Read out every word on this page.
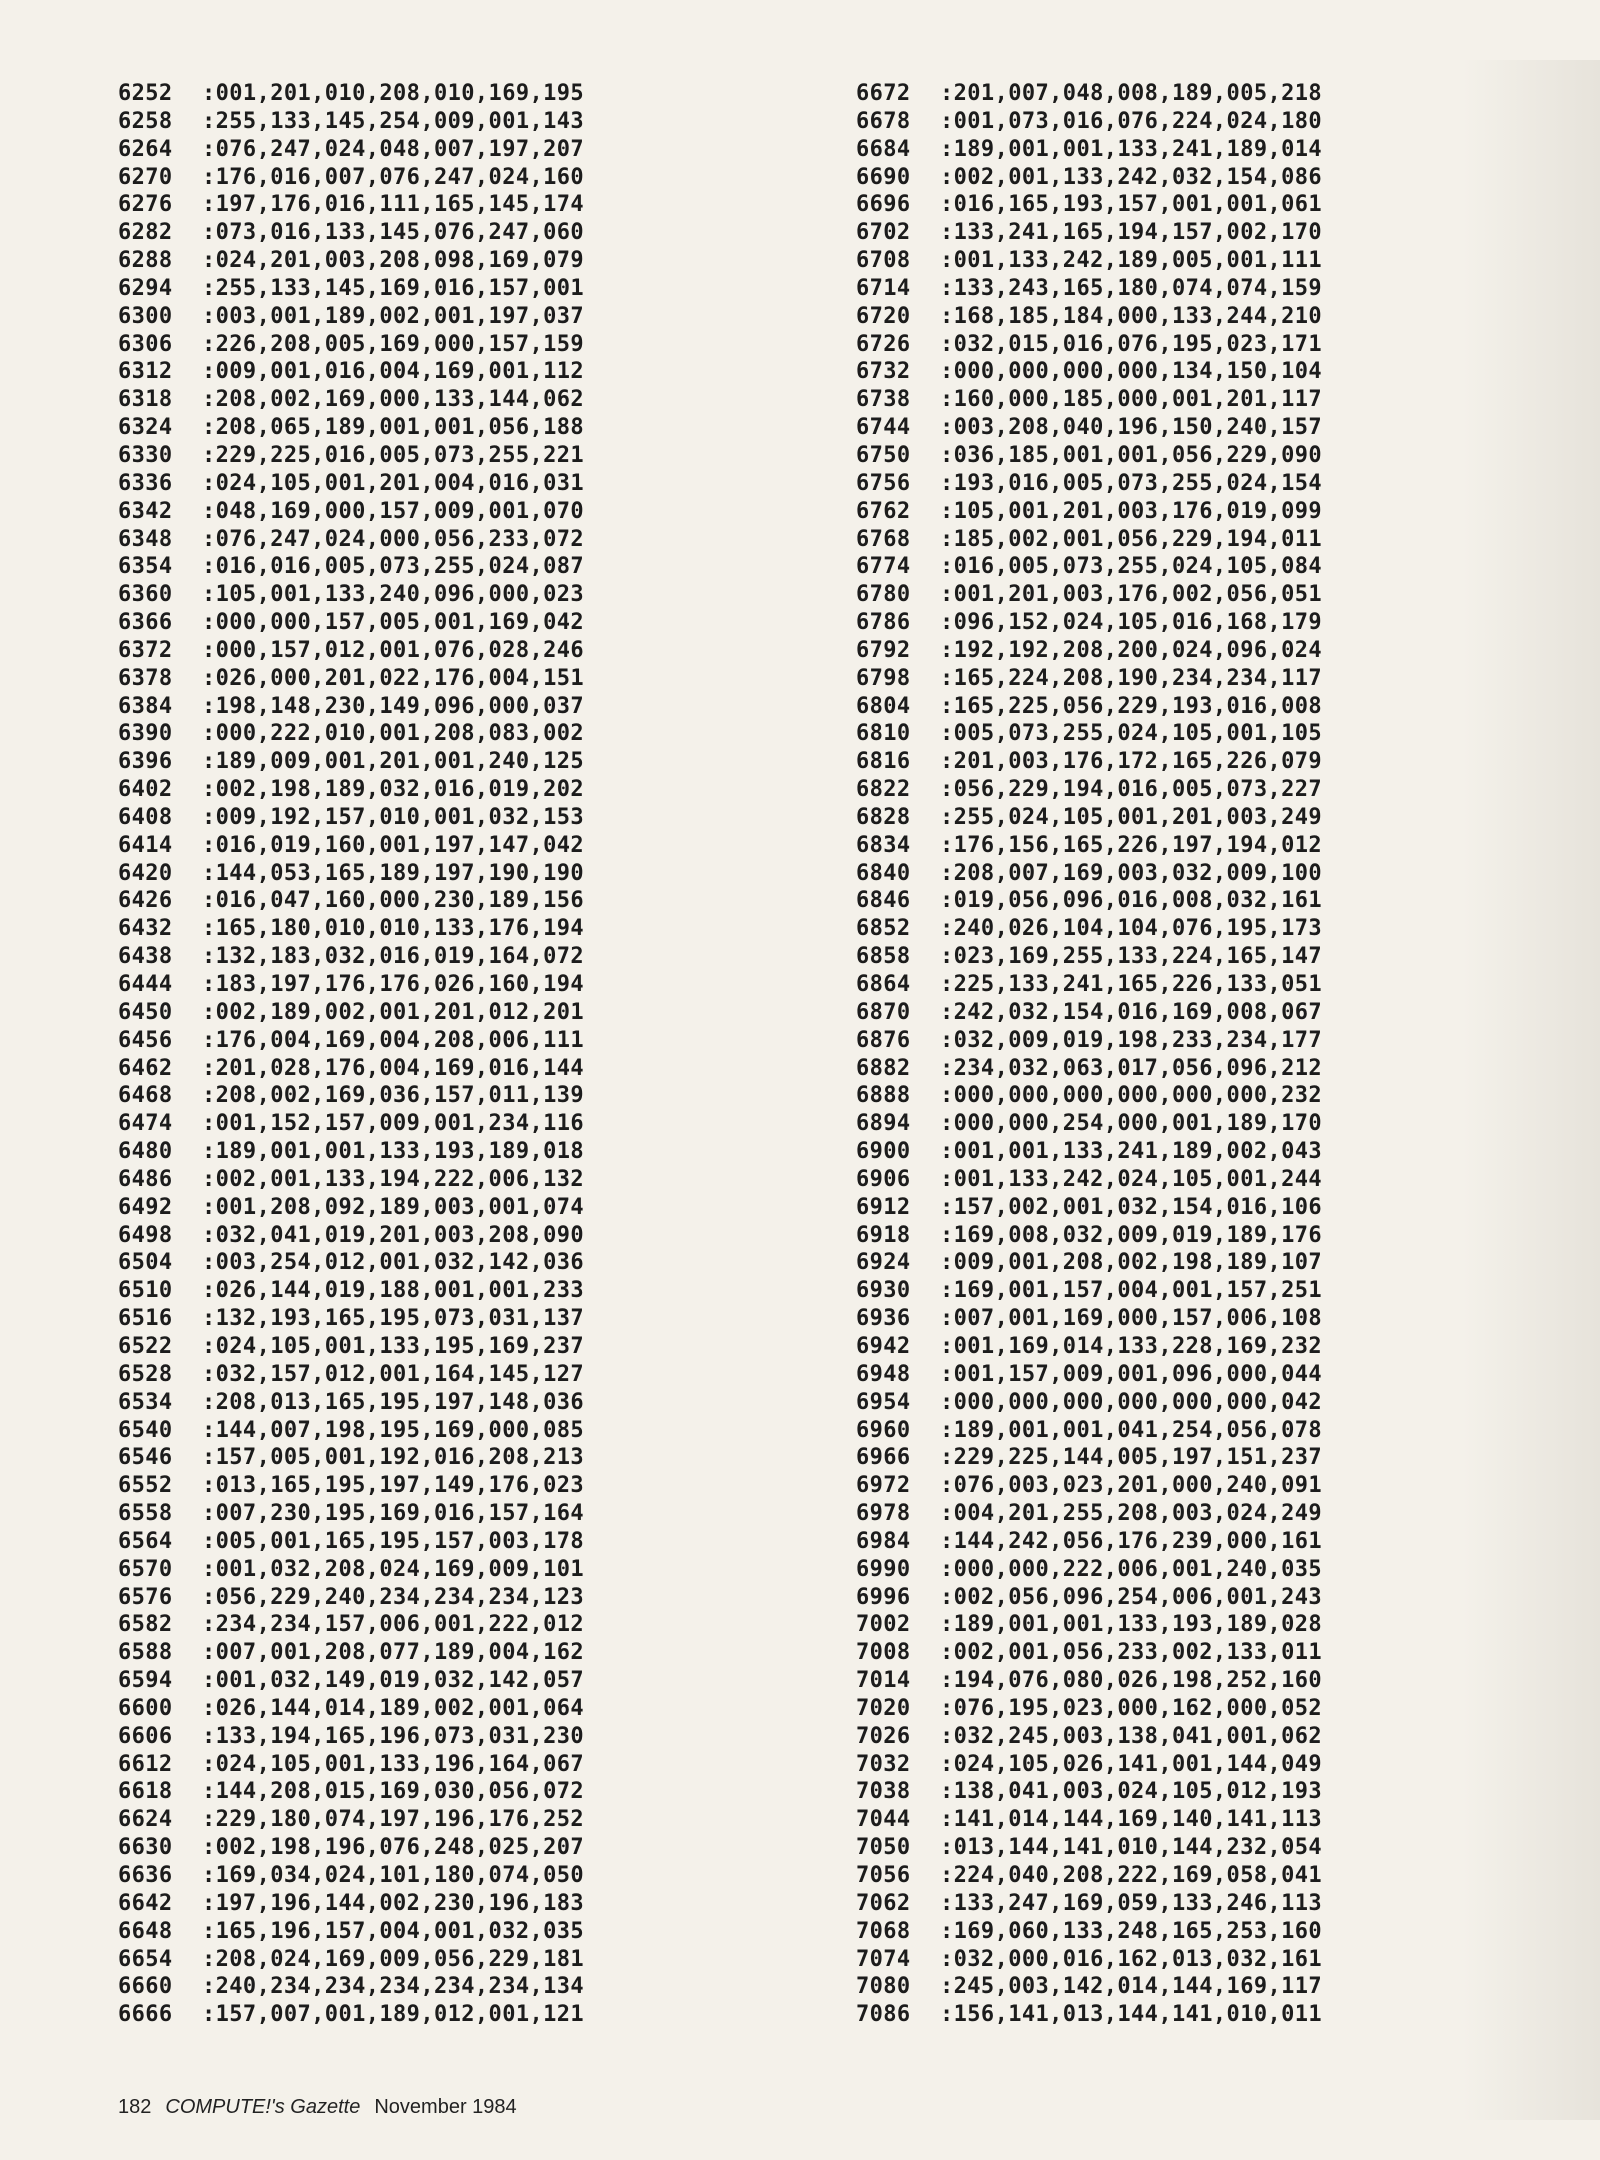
6252	:001,201,010,208,010,169,195
6258	:255,133,145,254,009,001,143
6264	:076,247,024,048,007,197,207
6270	:176,016,007,076,247,024,160
6276	:197,176,016,111,165,145,174
6282	:073,016,133,145,076,247,060
6288	:024,201,003,208,098,169,079
6294	:255,133,145,169,016,157,001
6300	:003,001,189,002,001,197,037
6306	:226,208,005,169,000,157,159
6312	:009,001,016,004,169,001,112
6318	:208,002,169,000,133,144,062
6324	:208,065,189,001,001,056,188
6330	:229,225,016,005,073,255,221
6336	:024,105,001,201,004,016,031
6342	:048,169,000,157,009,001,070
6348	:076,247,024,000,056,233,072
6354	:016,016,005,073,255,024,087
6360	:105,001,133,240,096,000,023
6366	:000,000,157,005,001,169,042
6372	:000,157,012,001,076,028,246
6378	:026,000,201,022,176,004,151
6384	:198,148,230,149,096,000,037
6390	:000,222,010,001,208,083,002
6396	:189,009,001,201,001,240,125
6402	:002,198,189,032,016,019,202
6408	:009,192,157,010,001,032,153
6414	:016,019,160,001,197,147,042
6420	:144,053,165,189,197,190,190
6426	:016,047,160,000,230,189,156
6432	:165,180,010,010,133,176,194
6438	:132,183,032,016,019,164,072
6444	:183,197,176,176,026,160,194
6450	:002,189,002,001,201,012,201
6456	:176,004,169,004,208,006,111
6462	:201,028,176,004,169,016,144
6468	:208,002,169,036,157,011,139
6474	:001,152,157,009,001,234,116
6480	:189,001,001,133,193,189,018
6486	:002,001,133,194,222,006,132
6492	:001,208,092,189,003,001,074
6498	:032,041,019,201,003,208,090
6504	:003,254,012,001,032,142,036
6510	:026,144,019,188,001,001,233
6516	:132,193,165,195,073,031,137
6522	:024,105,001,133,195,169,237
6528	:032,157,012,001,164,145,127
6534	:208,013,165,195,197,148,036
6540	:144,007,198,195,169,000,085
6546	:157,005,001,192,016,208,213
6552	:013,165,195,197,149,176,023
6558	:007,230,195,169,016,157,164
6564	:005,001,165,195,157,003,178
6570	:001,032,208,024,169,009,101
6576	:056,229,240,234,234,234,123
6582	:234,234,157,006,001,222,012
6588	:007,001,208,077,189,004,162
6594	:001,032,149,019,032,142,057
6600	:026,144,014,189,002,001,064
6606	:133,194,165,196,073,031,230
6612	:024,105,001,133,196,164,067
6618	:144,208,015,169,030,056,072
6624	:229,180,074,197,196,176,252
6630	:002,198,196,076,248,025,207
6636	:169,034,024,101,180,074,050
6642	:197,196,144,002,230,196,183
6648	:165,196,157,004,001,032,035
6654	:208,024,169,009,056,229,181
6660	:240,234,234,234,234,234,134
6666	:157,007,001,189,012,001,121
6672	:201,007,048,008,189,005,218
6678	:001,073,016,076,224,024,180
6684	:189,001,001,133,241,189,014
6690	:002,001,133,242,032,154,086
6696	:016,165,193,157,001,001,061
6702	:133,241,165,194,157,002,170
6708	:001,133,242,189,005,001,111
6714	:133,243,165,180,074,074,159
6720	:168,185,184,000,133,244,210
6726	:032,015,016,076,195,023,171
6732	:000,000,000,000,134,150,104
6738	:160,000,185,000,001,201,117
6744	:003,208,040,196,150,240,157
6750	:036,185,001,001,056,229,090
6756	:193,016,005,073,255,024,154
6762	:105,001,201,003,176,019,099
6768	:185,002,001,056,229,194,011
6774	:016,005,073,255,024,105,084
6780	:001,201,003,176,002,056,051
6786	:096,152,024,105,016,168,179
6792	:192,192,208,200,024,096,024
6798	:165,224,208,190,234,234,117
6804	:165,225,056,229,193,016,008
6810	:005,073,255,024,105,001,105
6816	:201,003,176,172,165,226,079
6822	:056,229,194,016,005,073,227
6828	:255,024,105,001,201,003,249
6834	:176,156,165,226,197,194,012
6840	:208,007,169,003,032,009,100
6846	:019,056,096,016,008,032,161
6852	:240,026,104,104,076,195,173
6858	:023,169,255,133,224,165,147
6864	:225,133,241,165,226,133,051
6870	:242,032,154,016,169,008,067
6876	:032,009,019,198,233,234,177
6882	:234,032,063,017,056,096,212
6888	:000,000,000,000,000,000,232
6894	:000,000,254,000,001,189,170
6900	:001,001,133,241,189,002,043
6906	:001,133,242,024,105,001,244
6912	:157,002,001,032,154,016,106
6918	:169,008,032,009,019,189,176
6924	:009,001,208,002,198,189,107
6930	:169,001,157,004,001,157,251
6936	:007,001,169,000,157,006,108
6942	:001,169,014,133,228,169,232
6948	:001,157,009,001,096,000,044
6954	:000,000,000,000,000,000,042
6960	:189,001,001,041,254,056,078
6966	:229,225,144,005,197,151,237
6972	:076,003,023,201,000,240,091
6978	:004,201,255,208,003,024,249
6984	:144,242,056,176,239,000,161
6990	:000,000,222,006,001,240,035
6996	:002,056,096,254,006,001,243
7002	:189,001,001,133,193,189,028
7008	:002,001,056,233,002,133,011
7014	:194,076,080,026,198,252,160
7020	:076,195,023,000,162,000,052
7026	:032,245,003,138,041,001,062
7032	:024,105,026,141,001,144,049
7038	:138,041,003,024,105,012,193
7044	:141,014,144,169,140,141,113
7050	:013,144,141,010,144,232,054
7056	:224,040,208,222,169,058,041
7062	:133,247,169,059,133,246,113
7068	:169,060,133,248,165,253,160
7074	:032,000,016,162,013,032,161
7080	:245,003,142,014,144,169,117
7086	:156,141,013,144,141,010,011
182 COMPUTE!'s Gazette November 1984
